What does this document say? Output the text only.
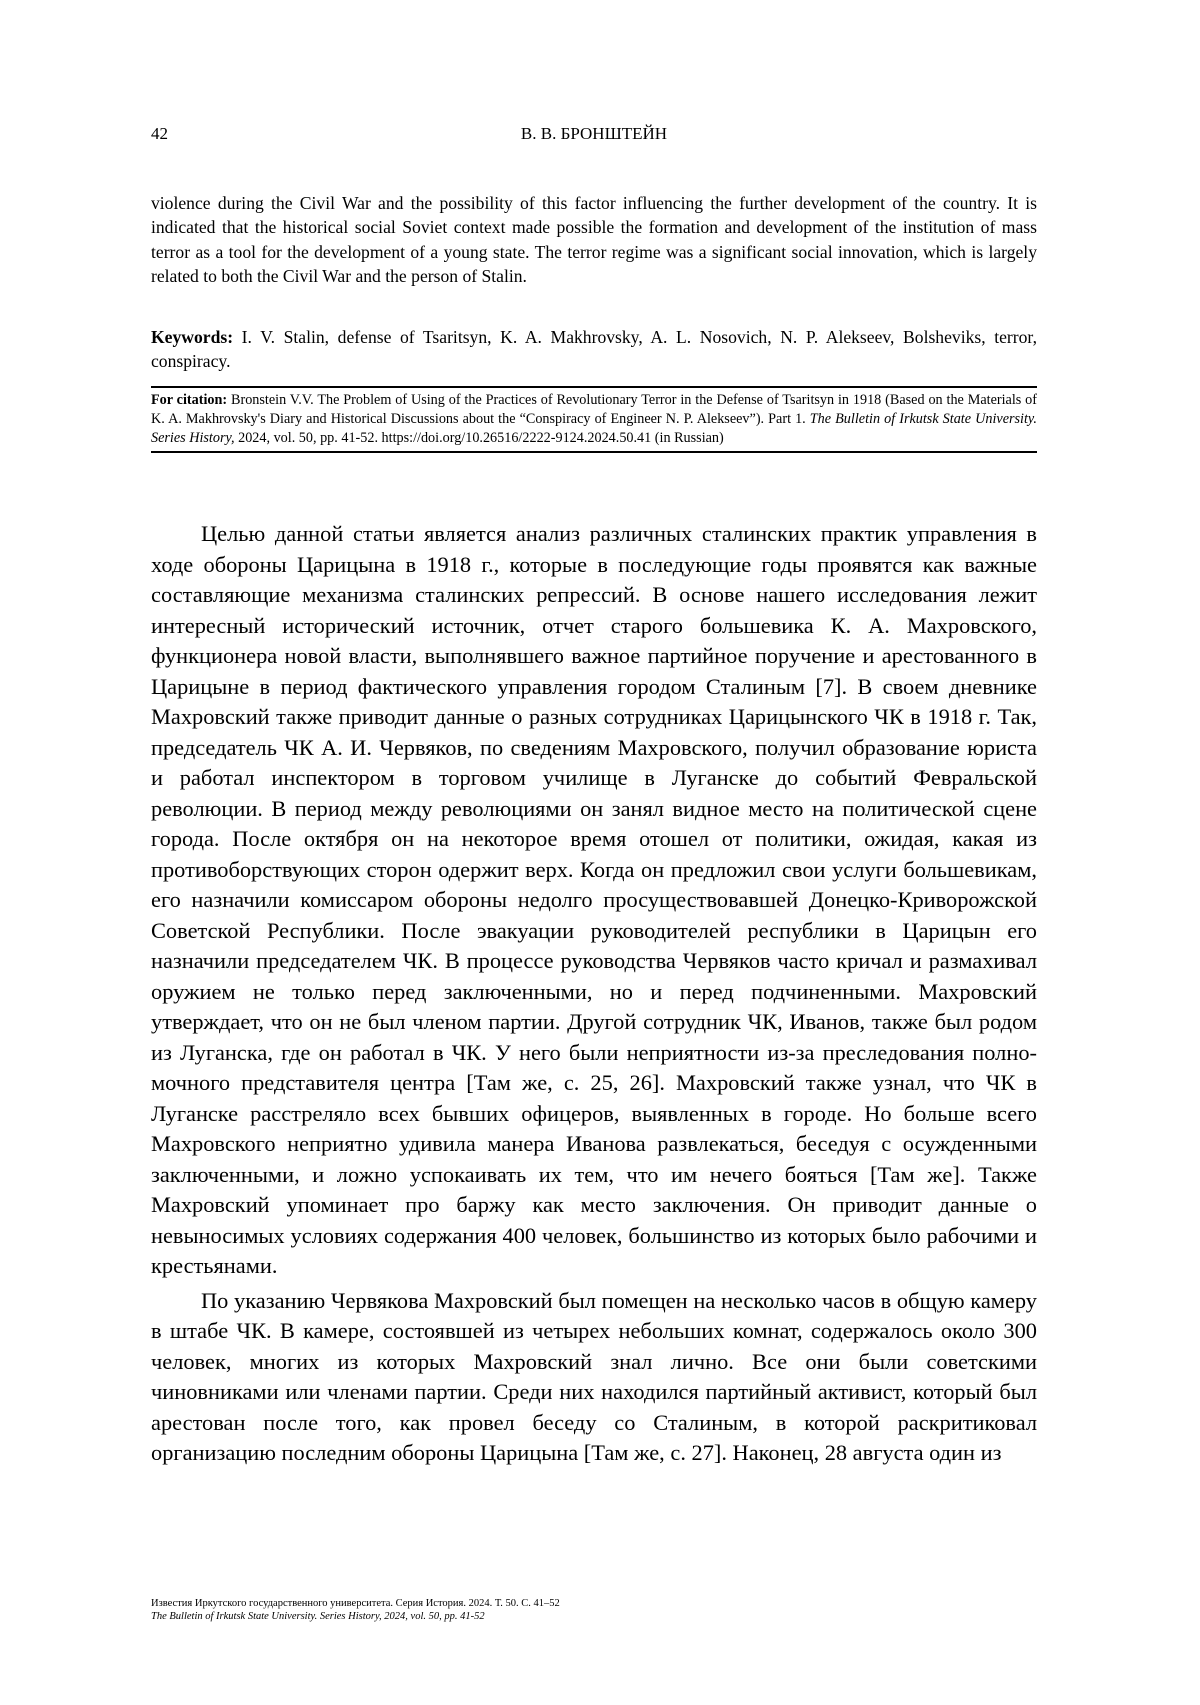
42	В. В. БРОНШТЕЙН

violence during the Civil War and the possibility of this factor influencing the further development of the country. It is indicated that the historical social Soviet context made possible the formation and development of the institution of mass terror as a tool for the development of a young state. The terror regime was a significant social innovation, which is largely related to both the Civil War and the person of Stalin.

Keywords: I. V. Stalin, defense of Tsaritsyn, K. A. Makhrovsky, A. L. Nosovich, N. P. Alekseev, Bolsheviks, terror, conspiracy.

For citation: Bronstein V.V. The Problem of Using of the Practices of Revolutionary Terror in the Defense of Tsaritsyn in 1918 (Based on the Materials of K. A. Makhrovsky's Diary and Historical Discussions about the “Conspiracy of Engineer N. P. Alekseev”). Part 1. The Bulletin of Irkutsk State University. Series History, 2024, vol. 50, pp. 41-52. https://doi.org/10.26516/2222-9124.2024.50.41 (in Russian)

Целью данной статьи является анализ различных сталинских практик управления в ходе обороны Царицына в 1918 г., которые в последующие годы проявятся как важные составляющие механизма сталинских репрессий. В основе нашего исследования лежит интересный исторический источник, отчет старого большевика К. А. Махровского, функционера новой власти, выполнявшего важное партийное поручение и арестованного в Царицыне в период фактического управления городом Сталиным [7]. В своем дневнике Махровский также приводит данные о разных сотрудниках Царицынского ЧК в 1918 г. Так, председатель ЧК А. И. Червяков, по сведениям Махровского, получил образование юриста и работал инспектором в торговом училище в Луганске до событий Февральской революции. В период между революциями он занял видное место на политической сцене города. После октября он на некоторое время отошел от политики, ожидая, какая из противоборствующих сторон одержит верх. Когда он предложил свои услуги большевикам, его назначили комиссаром обороны недолго просуществовавшей Донецко-Криворожской Советской Республики. После эвакуации руководителей республики в Царицын его назначили председателем ЧК. В процессе руководства Червяков часто кричал и размахивал оружием не только перед заключенными, но и перед подчиненными. Махровский утверждает, что он не был членом партии. Другой сотрудник ЧК, Иванов, также был родом из Луганска, где он работал в ЧК. У него были неприятности из-за преследования полномочного представителя центра [Там же, с. 25, 26]. Махровский также узнал, что ЧК в Луганске расстреляло всех бывших офицеров, выявленных в городе. Но больше всего Махровского неприятно удивила манера Иванова развлекаться, беседуя с осужденными заключенными, и ложно успокаивать их тем, что им нечего бояться [Там же]. Также Махровский упоминает про баржу как место заключения. Он приводит данные о невыносимых условиях содержания 400 человек, большинство из которых было рабочими и крестьянами.

По указанию Червякова Махровский был помещен на несколько часов в общую камеру в штабе ЧК. В камере, состоявшей из четырех небольших комнат, содержалось около 300 человек, многих из которых Махровский знал лично. Все они были советскими чиновниками или членами партии. Среди них находился партийный активист, который был арестован после того, как провел беседу со Сталиным, в которой раскритиковал организацию последним обороны Царицына [Там же, с. 27]. Наконец, 28 августа один из

Известия Иркутского государственного университета. Серия История. 2024. Т. 50. С. 41–52
The Bulletin of Irkutsk State University. Series History, 2024, vol. 50, pp. 41-52
